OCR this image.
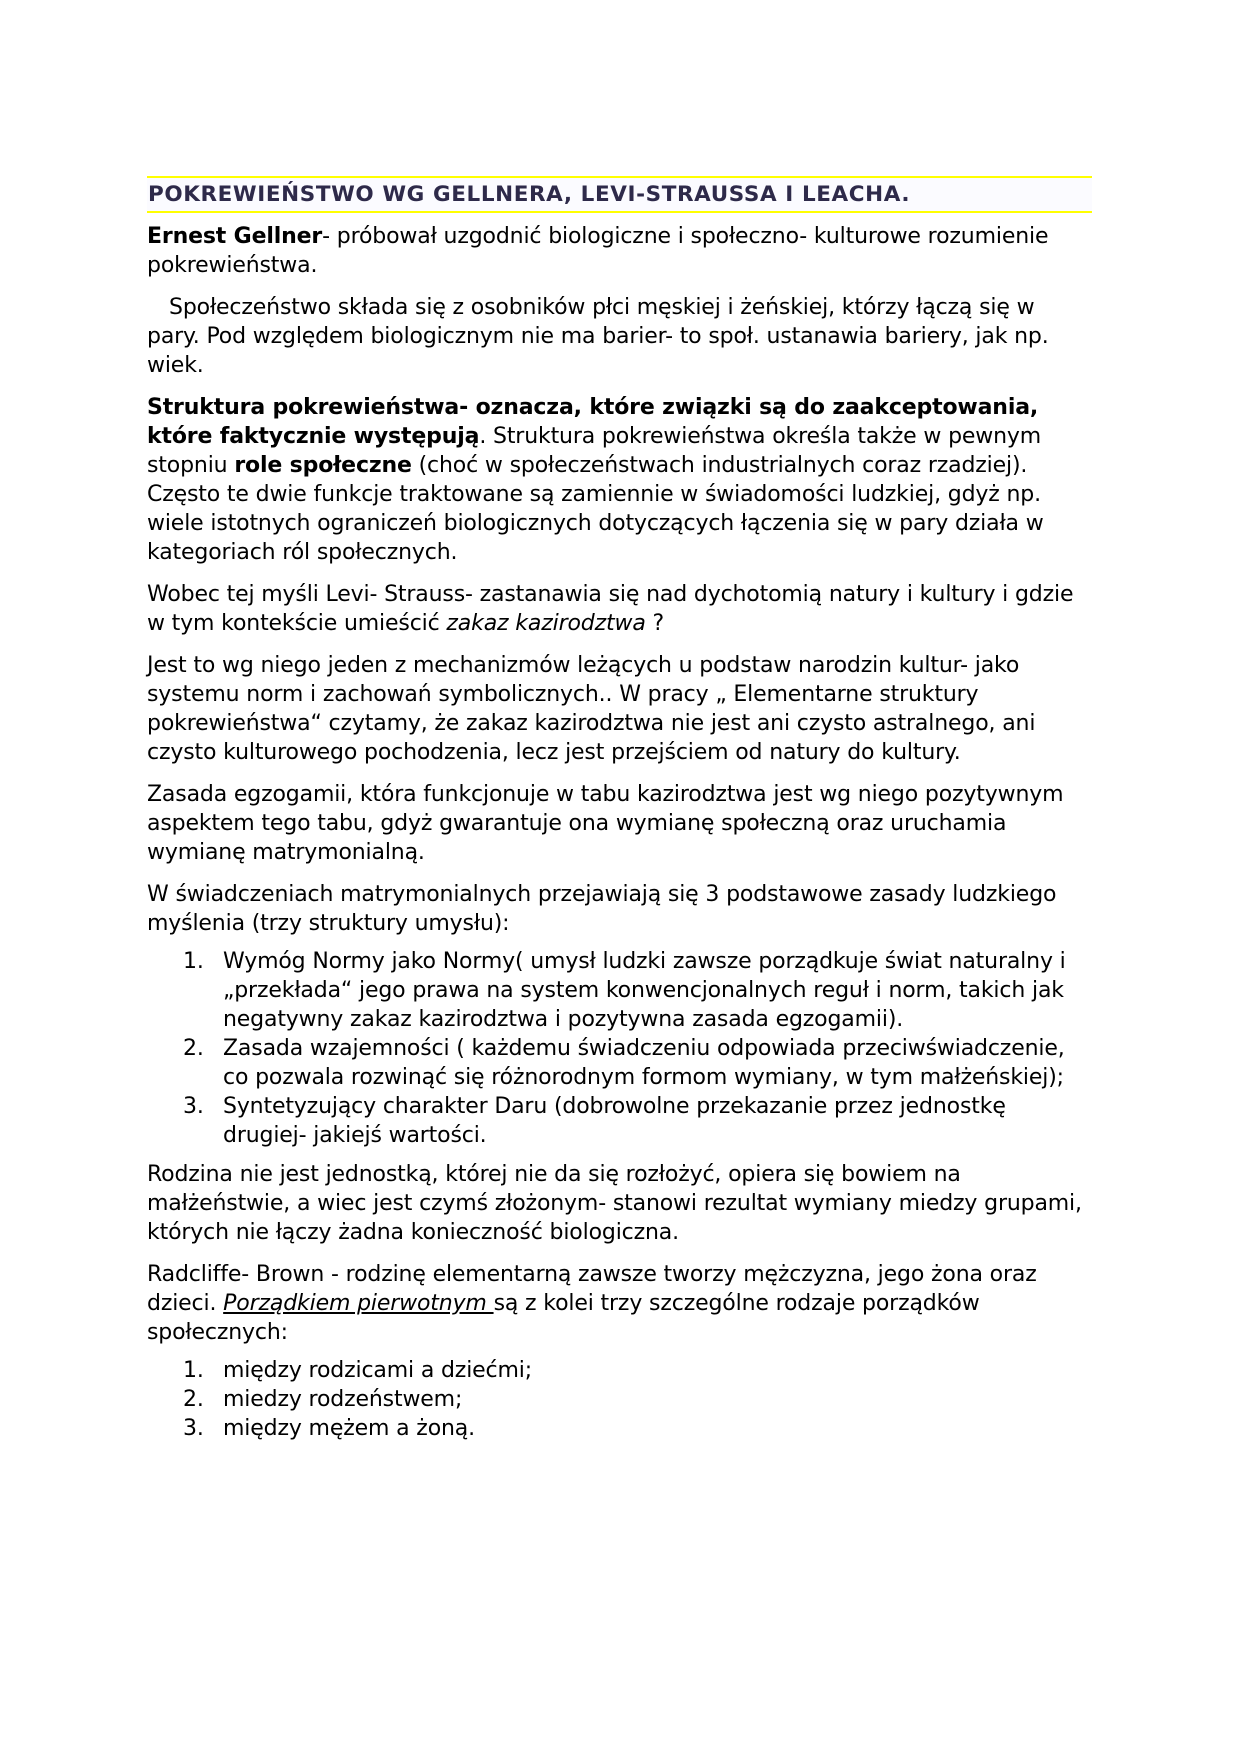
POKREWIEŃSTWO WG GELLNERA, LEVI-STRAUSSA I LEACHA.

Ernest Gellner- próbował uzgodnić biologiczne i społeczno- kulturowe rozumienie pokrewieństwa.

Społeczeństwo składa się z osobników płci męskiej i żeńskiej, którzy łączą się w pary. Pod względem biologicznym nie ma barier- to społ. ustanawia bariery, jak np. wiek.

Struktura pokrewieństwa- oznacza, które związki są do zaakceptowania, które faktycznie występują. Struktura pokrewieństwa określa także w pewnym stopniu role społeczne (choć w społeczeństwach industrialnych coraz rzadziej). Często te dwie funkcje traktowane są zamiennie w świadomości ludzkiej, gdyż np. wiele istotnych ograniczeń biologicznych dotyczących łączenia się w pary działa w kategoriach ról społecznych.

Wobec tej myśli Levi- Strauss- zastanawia się nad dychotomią natury i kultury i gdzie w tym kontekście umieścić zakaz kazirodztwa ?

Jest to wg niego jeden z mechanizmów leżących u podstaw narodzin kultur- jako systemu norm i zachowań symbolicznych.. W pracy „ Elementarne struktury pokrewieństwa“ czytamy, że zakaz kazirodztwa nie jest ani czysto astralnego, ani czysto kulturowego pochodzenia, lecz jest przejściem od natury do kultury.

Zasada egzogamii, która funkcjonuje w tabu kazirodztwa jest wg niego pozytywnym aspektem tego tabu, gdyż gwarantuje ona wymianę społeczną oraz uruchamia wymianę matrymonialną.

W świadczeniach matrymonialnych przejawiają się 3 podstawowe zasady ludzkiego myślenia (trzy struktury umysłu):

1. Wymóg Normy jako Normy( umysł ludzki zawsze porządkuje świat naturalny i „przekłada“ jego prawa na system konwencjonalnych reguł i norm, takich jak negatywny zakaz kazirodztwa i pozytywna zasada egzogamii).
2. Zasada wzajemności ( każdemu świadczeniu odpowiada przeciwświadczenie, co pozwala rozwinąć się różnorodnym formom wymiany, w tym małżeńskiej);
3. Syntetyzujący charakter Daru (dobrowolne przekazanie przez jednostkę drugiej- jakiejś wartości.

Rodzina nie jest jednostką, której nie da się rozłożyć, opiera się bowiem na małżeństwie, a wiec jest czymś złożonym- stanowi rezultat wymiany miedzy grupami, których nie łączy żadna konieczność biologiczna.

Radcliffe- Brown - rodzinę elementarną zawsze tworzy mężczyzna, jego żona oraz dzieci. Porządkiem pierwotnym są z kolei trzy szczególne rodzaje porządków społecznych:

1. między rodzicami a dziećmi;
2. miedzy rodzeństwem;
3. między mężem a żoną.
